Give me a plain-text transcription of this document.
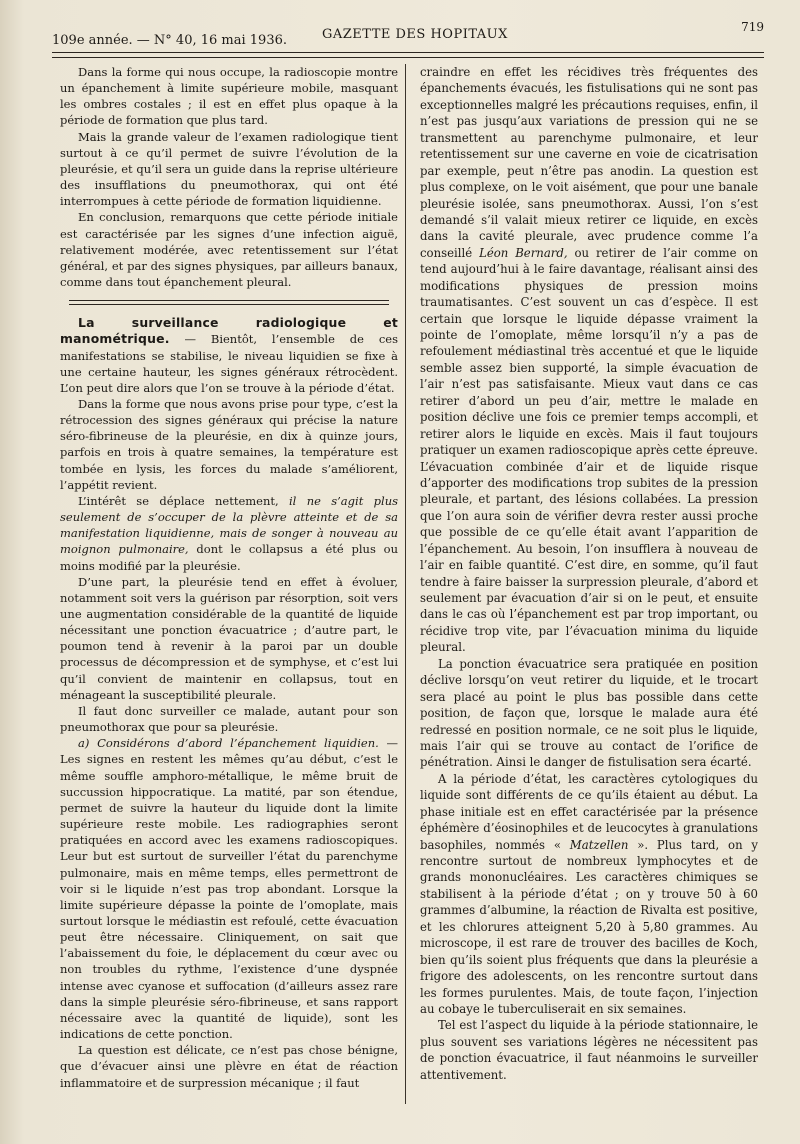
109e année. — N° 40, 16 mai 1936.	GAZETTE DES HOPITAUX	719

Dans la forme qui nous occupe, la radioscopie montre un épanchement à limite supérieure mobile, masquant les ombres costales ; il est en effet plus opaque à la période de formation que plus tard.

Mais la grande valeur de l’examen radiologique tient surtout à ce qu’il permet de suivre l’évolution de la pleurésie, et qu’il sera un guide dans la reprise ultérieure des insufflations du pneumothorax, qui ont été interrompues à cette période de formation liquidienne.

En conclusion, remarquons que cette période initiale est caractérisée par les signes d’une infection aiguë, relativement modérée, avec retentissement sur l’état général, et par des signes physiques, par ailleurs banaux, comme dans tout épanchement pleural.

La surveillance radiologique et manométrique. — Bientôt, l’ensemble de ces manifestations se stabilise, le niveau liquidien se fixe à une certaine hauteur, les signes généraux rétrocèdent. L’on peut dire alors que l’on se trouve à la période d’état.

Dans la forme que nous avons prise pour type, c’est la rétrocession des signes généraux qui précise la nature séro-fibrineuse de la pleurésie, en dix à quinze jours, parfois en trois à quatre semaines, la température est tombée en lysis, les forces du malade s’améliorent, l’appétit revient.

L’intérêt se déplace nettement, il ne s’agit plus seulement de s’occuper de la plèvre atteinte et de sa manifestation liquidienne, mais de songer à nouveau au moignon pulmonaire, dont le collapsus a été plus ou moins modifié par la pleurésie.

D’une part, la pleurésie tend en effet à évoluer, notamment soit vers la guérison par résorption, soit vers une augmentation considérable de la quantité de liquide nécessitant une ponction évacuatrice ; d’autre part, le poumon tend à revenir à la paroi par un double processus de décompression et de symphyse, et c’est lui qu’il convient de maintenir en collapsus, tout en ménageant la susceptibilité pleurale.

Il faut donc surveiller ce malade, autant pour son pneumothorax que pour sa pleurésie.

a) Considérons d’abord l’épanchement liquidien. — Les signes en restent les mêmes qu’au début, c’est le même souffle amphoro-métallique, le même bruit de succussion hippocratique. La matité, par son étendue, permet de suivre la hauteur du liquide dont la limite supérieure reste mobile. Les radiographies seront pratiquées en accord avec les examens radioscopiques. Leur but est surtout de surveiller l’état du parenchyme pulmonaire, mais en même temps, elles permettront de voir si le liquide n’est pas trop abondant. Lorsque la limite supérieure dépasse la pointe de l’omoplate, mais surtout lorsque le médiastin est refoulé, cette évacuation peut être nécessaire. Cliniquement, on sait que l’abaissement du foie, le déplacement du cœur avec ou non troubles du rythme, l’existence d’une dyspnée intense avec cyanose et suffocation (d’ailleurs assez rare dans la simple pleurésie séro-fibrineuse, et sans rapport nécessaire avec la quantité de liquide), sont les indications de cette ponction.

La question est délicate, ce n’est pas chose bénigne, que d’évacuer ainsi une plèvre en état de réaction inflammatoire et de surpression mécanique ; il faut

craindre en effet les récidives très fréquentes des épanchements évacués, les fistulisations qui ne sont pas exceptionnelles malgré les précautions requises, enfin, il n’est pas jusqu’aux variations de pression qui ne se transmettent au parenchyme pulmonaire, et leur retentissement sur une caverne en voie de cicatrisation par exemple, peut n’être pas anodin. La question est plus complexe, on le voit aisément, que pour une banale pleurésie isolée, sans pneumothorax. Aussi, l’on s’est demandé s’il valait mieux retirer ce liquide, en excès dans la cavité pleurale, avec prudence comme l’a conseillé Léon Bernard, ou retirer de l’air comme on tend aujourd’hui à le faire davantage, réalisant ainsi des modifications physiques de pression moins traumatisantes. C’est souvent un cas d’espèce. Il est certain que lorsque le liquide dépasse vraiment la pointe de l’omoplate, même lorsqu’il n’y a pas de refoulement médiastinal très accentué et que le liquide semble assez bien supporté, la simple évacuation de l’air n’est pas satisfaisante. Mieux vaut dans ce cas retirer d’abord un peu d’air, mettre le malade en position déclive une fois ce premier temps accompli, et retirer alors le liquide en excès. Mais il faut toujours pratiquer un examen radioscopique après cette épreuve. L’évacuation combinée d’air et de liquide risque d’apporter des modifications trop subites de la pression pleurale, et partant, des lésions collabées. La pression que l’on aura soin de vérifier devra rester aussi proche que possible de ce qu’elle était avant l’apparition de l’épanchement. Au besoin, l’on insufflera à nouveau de l’air en faible quantité. C’est dire, en somme, qu’il faut tendre à faire baisser la surpression pleurale, d’abord et seulement par évacuation d’air si on le peut, et ensuite dans le cas où l’épanchement est par trop important, ou récidive trop vite, par l’évacuation minima du liquide pleural.

La ponction évacuatrice sera pratiquée en position déclive lorsqu’on veut retirer du liquide, et le trocart sera placé au point le plus bas possible dans cette position, de façon que, lorsque le malade aura été redressé en position normale, ce ne soit plus le liquide, mais l’air qui se trouve au contact de l’orifice de pénétration. Ainsi le danger de fistulisation sera écarté.

A la période d’état, les caractères cytologiques du liquide sont différents de ce qu’ils étaient au début. La phase initiale est en effet caractérisée par la présence éphémère d’éosinophiles et de leucocytes à granulations basophiles, nommés « Matzellen ». Plus tard, on y rencontre surtout de nombreux lymphocytes et de grands mononucléaires. Les caractères chimiques se stabilisent à la période d’état ; on y trouve 50 à 60 grammes d’albumine, la réaction de Rivalta est positive, et les chlorures atteignent 5,20 à 5,80 grammes. Au microscope, il est rare de trouver des bacilles de Koch, bien qu’ils soient plus fréquents que dans la pleurésie a frigore des adolescents, on les rencontre surtout dans les formes purulentes. Mais, de toute façon, l’injection au cobaye le tuberculiserait en six semaines.

Tel est l’aspect du liquide à la période stationnaire, le plus souvent ses variations légères ne nécessitent pas de ponction évacuatrice, il faut néanmoins le surveiller attentivement.
